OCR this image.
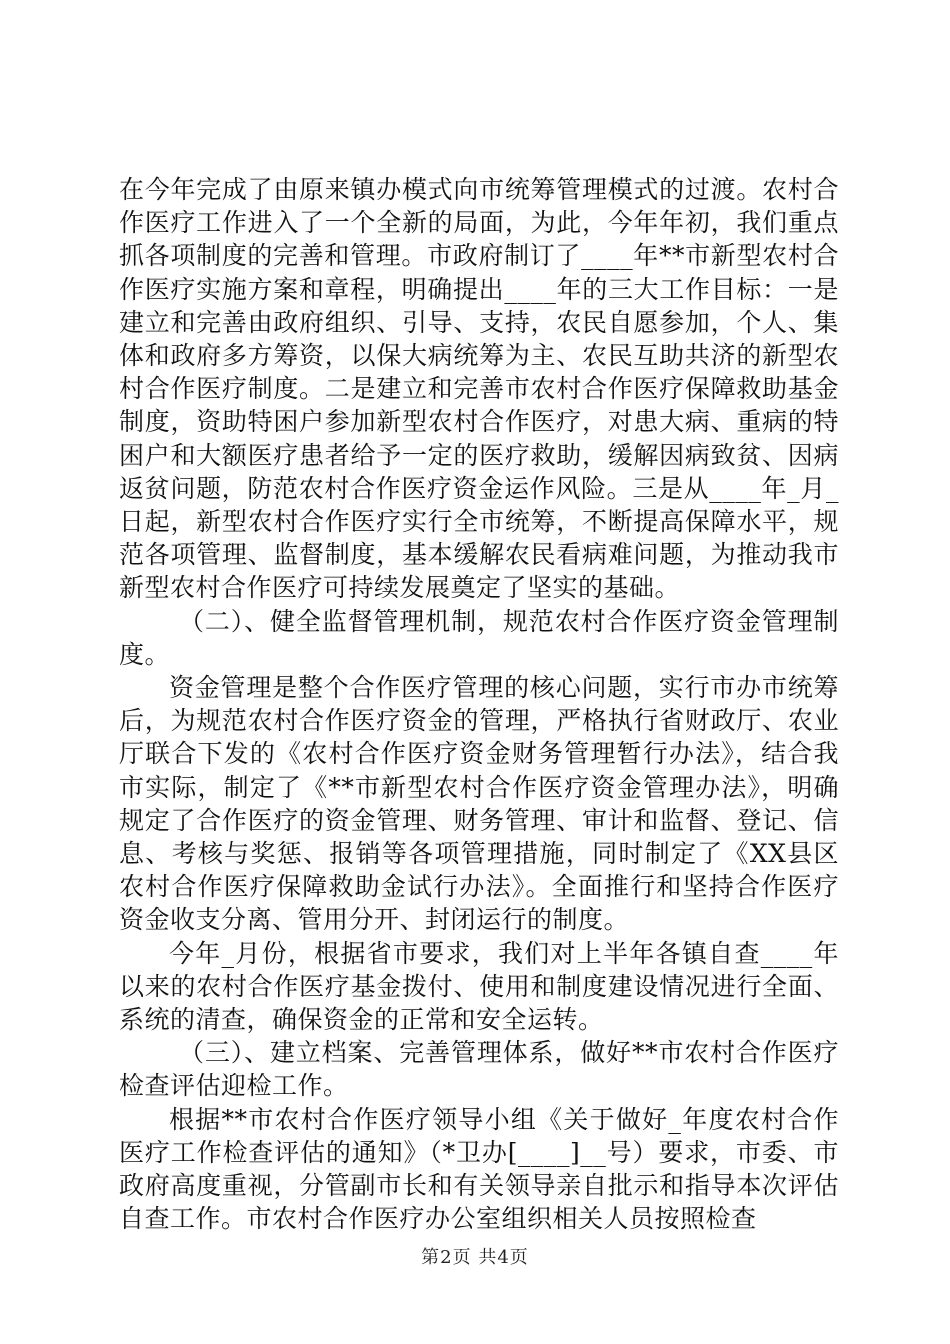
在今年完成了由原来镇办模式向市统筹管理模式的过渡。农村合作医疗工作进入了一个全新的局面，为此，今年年初，我们重点抓各项制度的完善和管理。市政府制订了____年**市新型农村合作医疗实施方案和章程，明确提出____年的三大工作目标：一是建立和完善由政府组织、引导、支持，农民自愿参加，个人、集体和政府多方筹资，以保大病统筹为主、农民互助共济的新型农村合作医疗制度。二是建立和完善市农村合作医疗保障救助基金制度，资助特困户参加新型农村合作医疗，对患大病、重病的特困户和大额医疗患者给予一定的医疗救助，缓解因病致贫、因病返贫问题，防范农村合作医疗资金运作风险。三是从____年_月_日起，新型农村合作医疗实行全市统筹，不断提高保障水平，规范各项管理、监督制度，基本缓解农民看病难问题，为推动我市新型农村合作医疗可持续发展奠定了坚实的基础。

（二）、健全监督管理机制，规范农村合作医疗资金管理制度。

资金管理是整个合作医疗管理的核心问题，实行市办市统筹后，为规范农村合作医疗资金的管理，严格执行省财政厅、农业厅联合下发的《农村合作医疗资金财务管理暂行办法》，结合我市实际，制定了《**市新型农村合作医疗资金管理办法》，明确规定了合作医疗的资金管理、财务管理、审计和监督、登记、信息、考核与奖惩、报销等各项管理措施，同时制定了《XX县区农村合作医疗保障救助金试行办法》。全面推行和坚持合作医疗资金收支分离、管用分开、封闭运行的制度。

今年_月份，根据省市要求，我们对上半年各镇自查____年以来的农村合作医疗基金拨付、使用和制度建设情况进行全面、系统的清查，确保资金的正常和安全运转。

（三）、建立档案、完善管理体系，做好**市农村合作医疗检查评估迎检工作。

根据**市农村合作医疗领导小组《关于做好_年度农村合作医疗工作检查评估的通知》（*卫办[____]__号）要求，市委、市政府高度重视，分管副市长和有关领导亲自批示和指导本次评估自查工作。市农村合作医疗办公室组织相关人员按照检查

第2页 共4页
